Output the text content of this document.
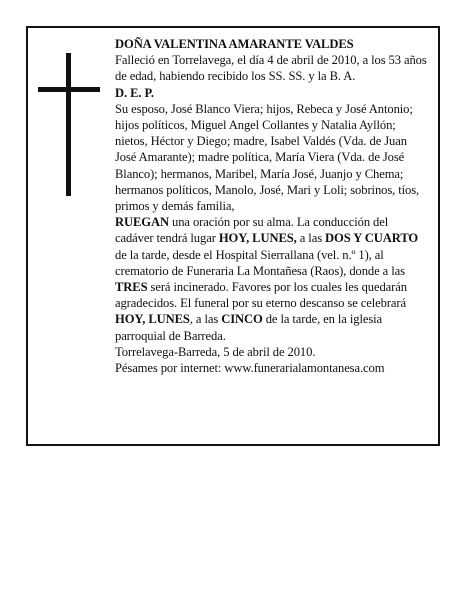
DOÑA VALENTINA AMARANTE VALDES

Falleció en Torrelavega, el día 4 de abril de 2010, a los 53 años de edad, habiendo recibido los SS. SS. y la B. A.

D. E. P.

Su esposo, José Blanco Viera; hijos, Rebeca y José Antonio; hijos políticos, Miguel Angel Collantes y Natalia Ayllón; nietos, Héctor y Diego; madre, Isabel Valdés (Vda. de Juan José Amarante); madre política, María Viera (Vda. de José Blanco); hermanos, Maribel, María José, Juanjo y Chema; hermanos políticos, Manolo, José, Mari y Loli; sobrinos, tíos, primos y demás familia,

RUEGAN una oración por su alma. La conducción del cadáver tendrá lugar HOY, LUNES, a las DOS Y CUARTO de la tarde, desde el Hospital Sierrallana (vel. n.º 1), al crematorio de Funeraria La Montañesa (Raos), donde a las TRES será incinerado. Favores por los cuales les quedarán agradecidos. El funeral por su eterno descanso se celebrará HOY, LUNES, a las CINCO de la tarde, en la iglesia parroquial de Barreda.

Torrelavega-Barreda, 5 de abril de 2010.

Pésames por internet: www.funerarialamontanesa.com
